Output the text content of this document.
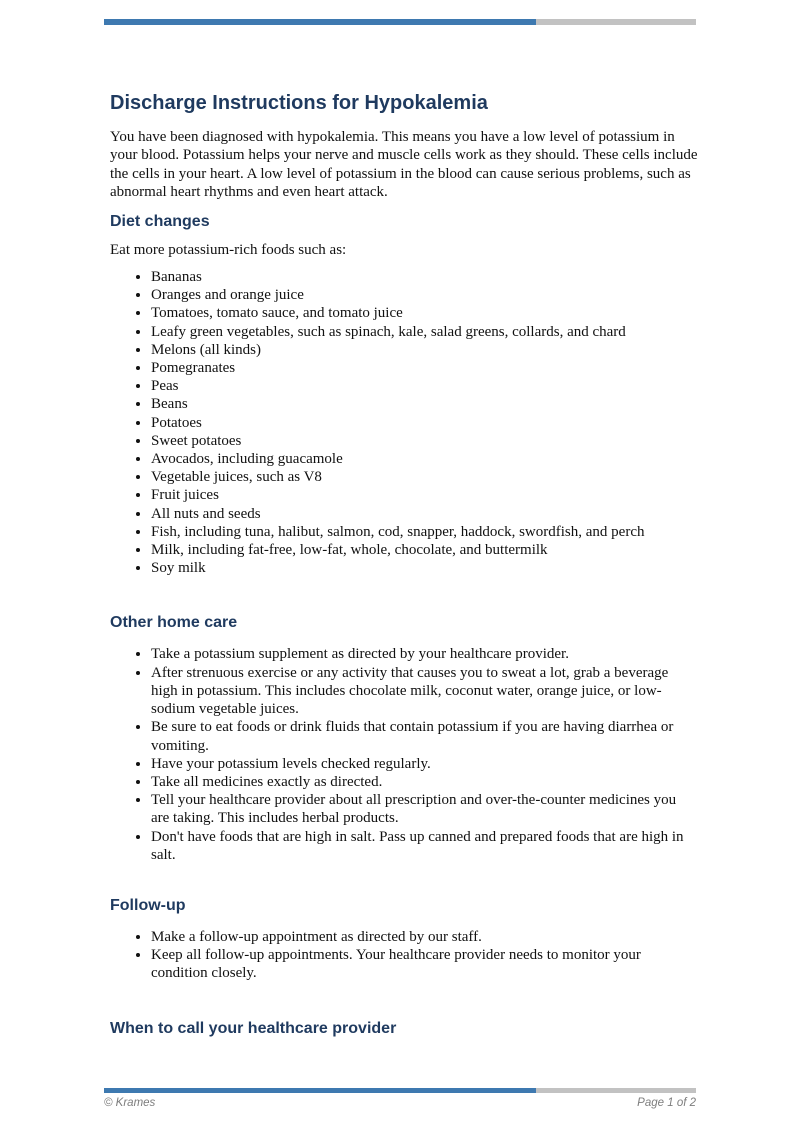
Discharge Instructions for Hypokalemia

You have been diagnosed with hypokalemia. This means you have a low level of potassium in your blood. Potassium helps your nerve and muscle cells work as they should. These cells include the cells in your heart. A low level of potassium in the blood can cause serious problems, such as abnormal heart rhythms and even heart attack.

Diet changes

Eat more potassium-rich foods such as:

• Bananas
• Oranges and orange juice
• Tomatoes, tomato sauce, and tomato juice
• Leafy green vegetables, such as spinach, kale, salad greens, collards, and chard
• Melons (all kinds)
• Pomegranates
• Peas
• Beans
• Potatoes
• Sweet potatoes
• Avocados, including guacamole
• Vegetable juices, such as V8
• Fruit juices
• All nuts and seeds
• Fish, including tuna, halibut, salmon, cod, snapper, haddock, swordfish, and perch
• Milk, including fat-free, low-fat, whole, chocolate, and buttermilk
• Soy milk
Other home care
• Take a potassium supplement as directed by your healthcare provider.
• After strenuous exercise or any activity that causes you to sweat a lot, grab a beverage high in potassium. This includes chocolate milk, coconut water, orange juice, or low-sodium vegetable juices.
• Be sure to eat foods or drink fluids that contain potassium if you are having diarrhea or vomiting.
• Have your potassium levels checked regularly.
• Take all medicines exactly as directed.
• Tell your healthcare provider about all prescription and over-the-counter medicines you are taking. This includes herbal products.
• Don't have foods that are high in salt. Pass up canned and prepared foods that are high in salt.
Follow-up
• Make a follow-up appointment as directed by our staff.
• Keep all follow-up appointments. Your healthcare provider needs to monitor your condition closely.
When to call your healthcare provider
© Krames	Page 1 of 2
